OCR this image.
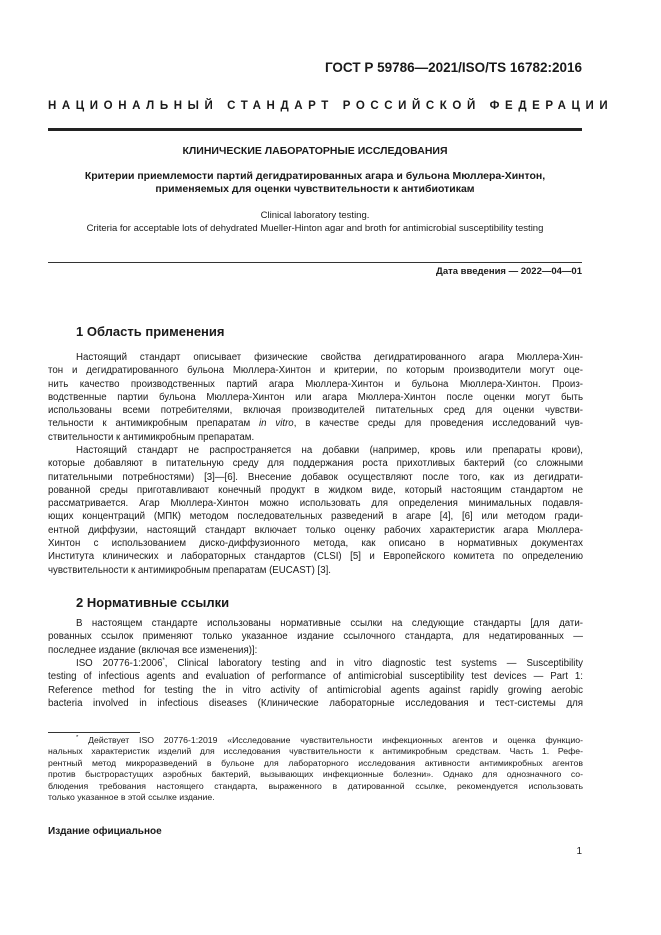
ГОСТ Р 59786—2021/ISO/TS 16782:2016
НАЦИОНАЛЬНЫЙ СТАНДАРТ РОССИЙСКОЙ ФЕДЕРАЦИИ
КЛИНИЧЕСКИЕ ЛАБОРАТОРНЫЕ ИССЛЕДОВАНИЯ
Критерии приемлемости партий дегидратированных агара и бульона Мюллера-Хинтон,
применяемых для оценки чувствительности к антибиотикам
Clinical laboratory testing.
Criteria for acceptable lots of dehydrated Mueller-Hinton agar and broth for antimicrobial susceptibility testing
Дата введения — 2022—04—01
1 Область применения
Настоящий стандарт описывает физические свойства дегидратированного агара Мюллера-Хин-
тон и дегидратированного бульона Мюллера-Хинтон и критерии, по которым производители могут оце-
нить качество производственных партий агара Мюллера-Хинтон и бульона Мюллера-Хинтон. Произ-
водственные партии бульона Мюллера-Хинтон или агара Мюллера-Хинтон после оценки могут быть
использованы всеми потребителями, включая производителей питательных сред для оценки чувстви-
тельности к антимикробным препаратам in vitro, в качестве среды для проведения исследований чув-
ствительности к антимикробным препаратам.
Настоящий стандарт не распространяется на добавки (например, кровь или препараты крови),
которые добавляют в питательную среду для поддержания роста прихотливых бактерий (со сложными
питательными потребностями) [3]—[6]. Внесение добавок осуществляют после того, как из дегидрати-
рованной среды приготавливают конечный продукт в жидком виде, который настоящим стандартом не
рассматривается. Агар Мюллера-Хинтон можно использовать для определения минимальных подавля-
ющих концентраций (МПК) методом последовательных разведений в агаре [4], [6] или методом гради-
ентной диффузии, настоящий стандарт включает только оценку рабочих характеристик агара Мюллера-
Хинтон с использованием диско-диффузионного метода, как описано в нормативных документах
Института клинических и лабораторных стандартов (CLSI) [5] и Европейского комитета по определению
чувствительности к антимикробным препаратам (EUCAST) [3].
2 Нормативные ссылки
В настоящем стандарте использованы нормативные ссылки на следующие стандарты [для дати-
рованных ссылок применяют только указанное издание ссылочного стандарта, для недатированных —
последнее издание (включая все изменения)]:
ISO 20776-1:2006*, Clinical laboratory testing and in vitro diagnostic test systems — Susceptibility
testing of infectious agents and evaluation of performance of antimicrobial susceptibility test devices — Part 1:
Reference method for testing the in vitro activity of antimicrobial agents against rapidly growing aerobic
bacteria involved in infectious diseases (Клинические лабораторные исследования и тест-системы для
* Действует ISO 20776-1:2019 «Исследование чувствительности инфекционных агентов и оценка функцио-
нальных характеристик изделий для исследования чувствительности к антимикробным средствам. Часть 1. Рефе-
рентный метод микроразведений в бульоне для лабораторного исследования активности антимикробных агентов
против быстрорастущих аэробных бактерий, вызывающих инфекционные болезни». Однако для однозначного со-
блюдения требования настоящего стандарта, выраженного в датированной ссылке, рекомендуется использовать
только указанное в этой ссылке издание.
Издание официальное
1
